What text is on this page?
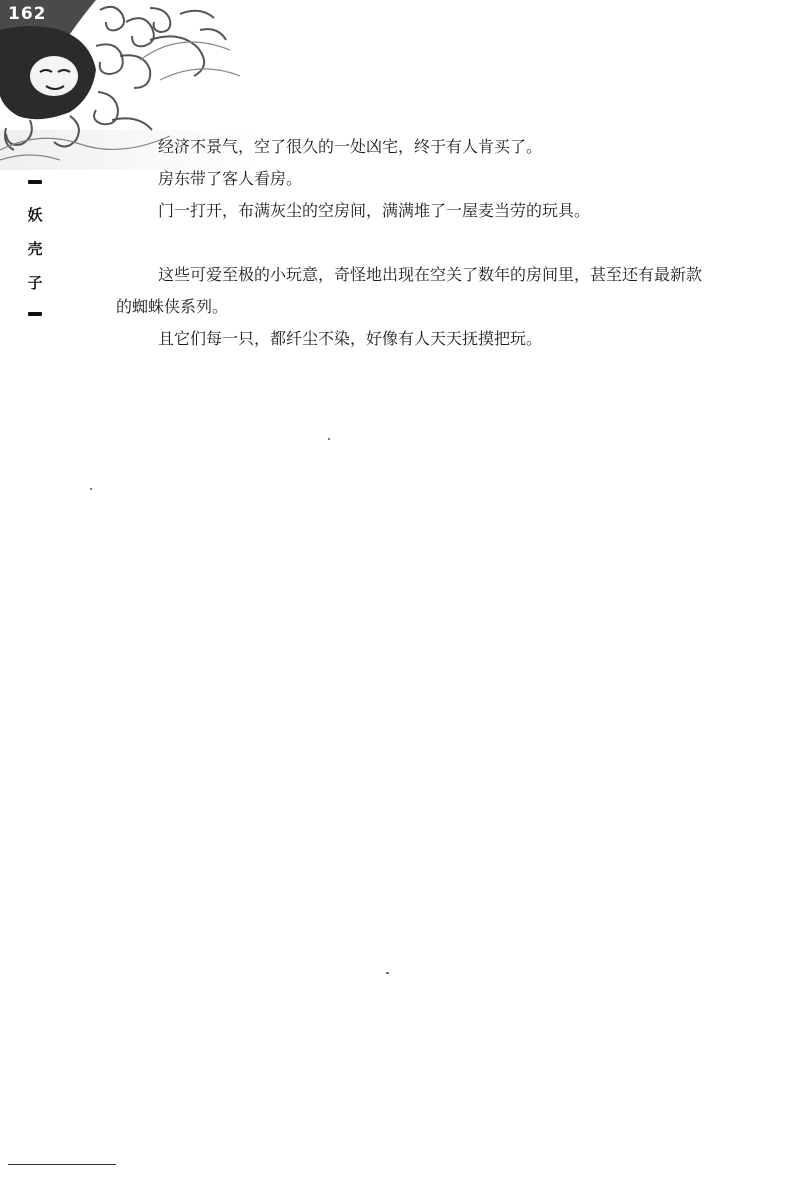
162
妖
壳
子

经济不景气，空了很久的一处凶宅，终于有人肯买了。

房东带了客人看房。

门一打开，布满灰尘的空房间，满满堆了一屋麦当劳的玩具。

这些可爱至极的小玩意，奇怪地出现在空关了数年的房间里，甚至还有最新款的蜘蛛侠系列。

且它们每一只，都纤尘不染，好像有人天天抚摸把玩。
